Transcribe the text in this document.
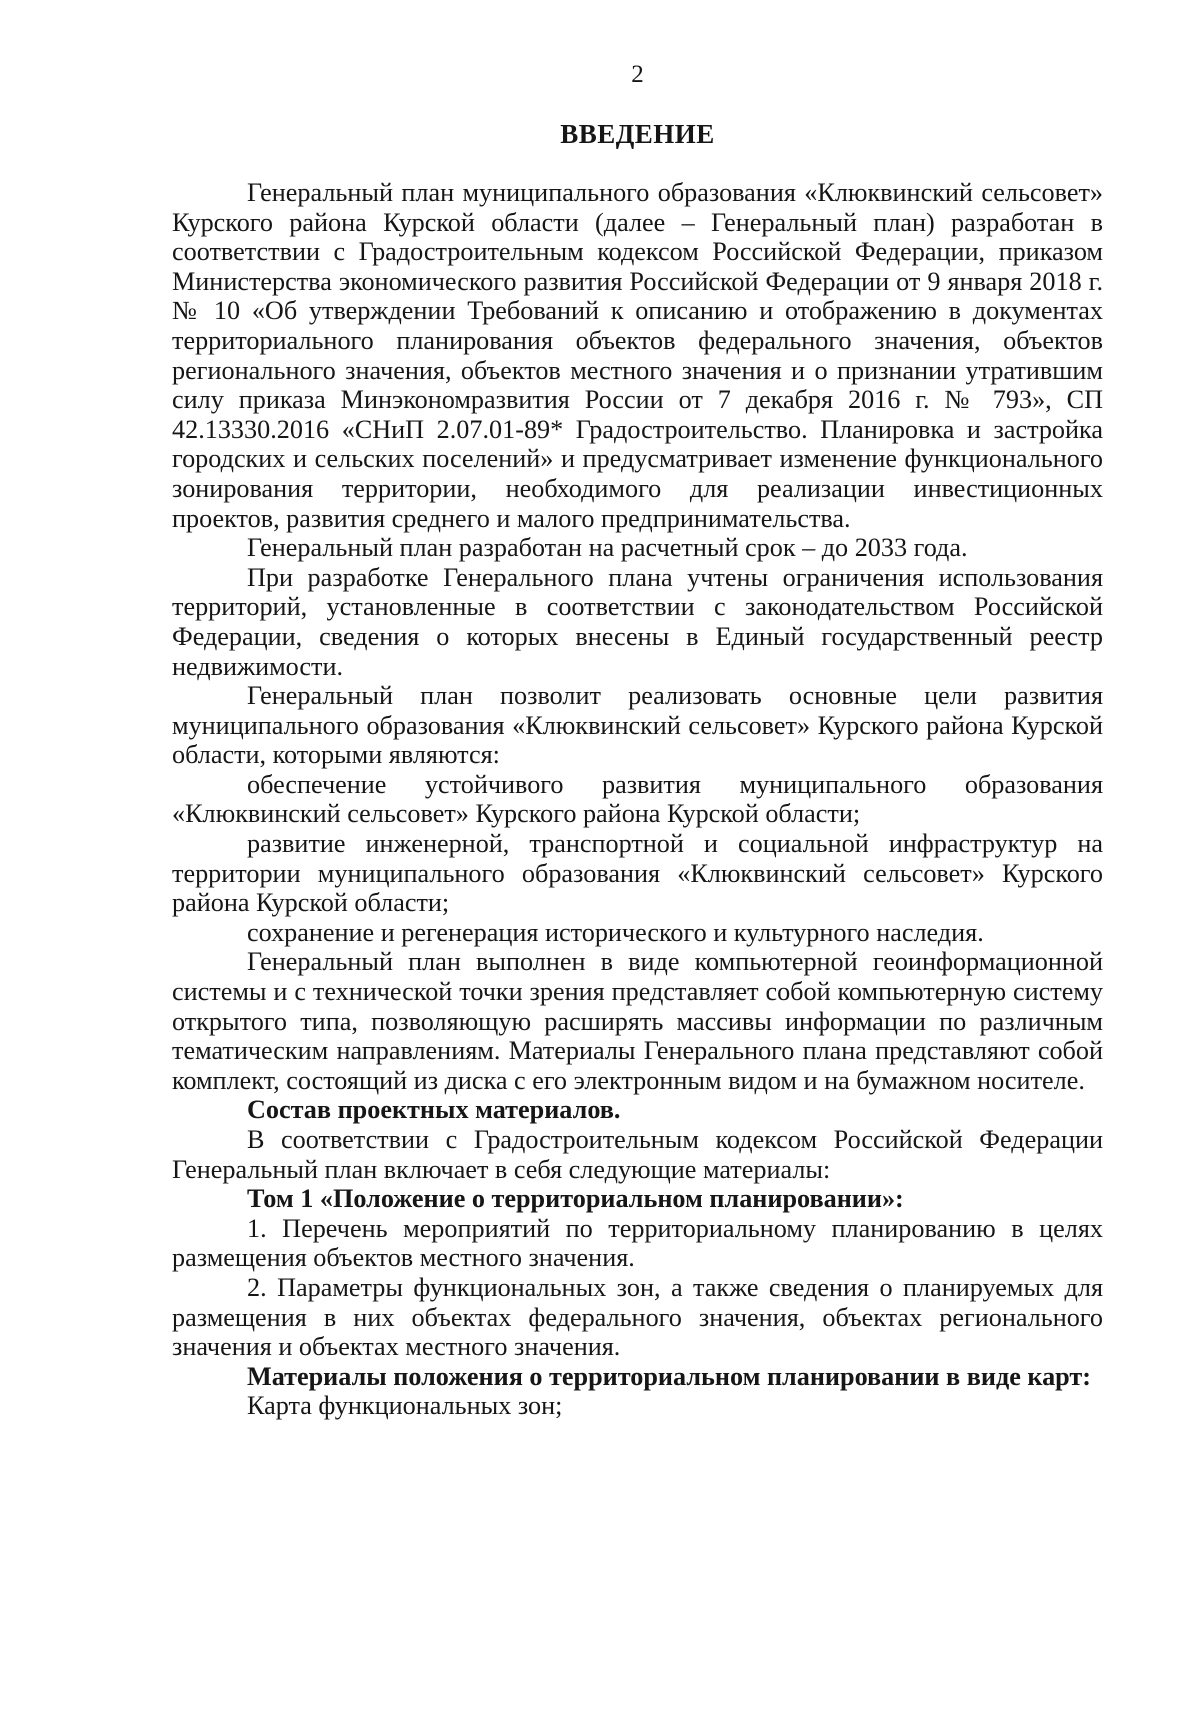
2
ВВЕДЕНИЕ

Генеральный план муниципального образования «Клюквинский сельсовет» Курского района Курской области (далее – Генеральный план) разработан в соответствии с Градостроительным кодексом Российской Федерации, приказом Министерства экономического развития Российской Федерации от 9 января 2018 г. № 10 «Об утверждении Требований к описанию и отображению в документах территориального планирования объектов федерального значения, объектов регионального значения, объектов местного значения и о признании утратившим силу приказа Минэкономразвития России от 7 декабря 2016 г. № 793», СП 42.13330.2016 «СНиП 2.07.01-89* Градостроительство. Планировка и застройка городских и сельских поселений» и предусматривает изменение функционального зонирования территории, необходимого для реализации инвестиционных проектов, развития среднего и малого предпринимательства.

Генеральный план разработан на расчетный срок – до 2033 года.

При разработке Генерального плана учтены ограничения использования территорий, установленные в соответствии с законодательством Российской Федерации, сведения о которых внесены в Единый государственный реестр недвижимости.

Генеральный план позволит реализовать основные цели развития муниципального образования «Клюквинский сельсовет» Курского района Курской области, которыми являются:

обеспечение устойчивого развития муниципального образования «Клюквинский сельсовет» Курского района Курской области;

развитие инженерной, транспортной и социальной инфраструктур на территории муниципального образования «Клюквинский сельсовет» Курского района Курской области;

сохранение и регенерация исторического и культурного наследия.

Генеральный план выполнен в виде компьютерной геоинформационной системы и с технической точки зрения представляет собой компьютерную систему открытого типа, позволяющую расширять массивы информации по различным тематическим направлениям. Материалы Генерального плана представляют собой комплект, состоящий из диска с его электронным видом и на бумажном носителе.

Состав проектных материалов.

В соответствии с Градостроительным кодексом Российской Федерации Генеральный план включает в себя следующие материалы:

Том 1 «Положение о территориальном планировании»:

1. Перечень мероприятий по территориальному планированию в целях размещения объектов местного значения.

2. Параметры функциональных зон, а также сведения о планируемых для размещения в них объектах федерального значения, объектах регионального значения и объектах местного значения.

Материалы положения о территориальном планировании в виде карт:

Карта функциональных зон;
